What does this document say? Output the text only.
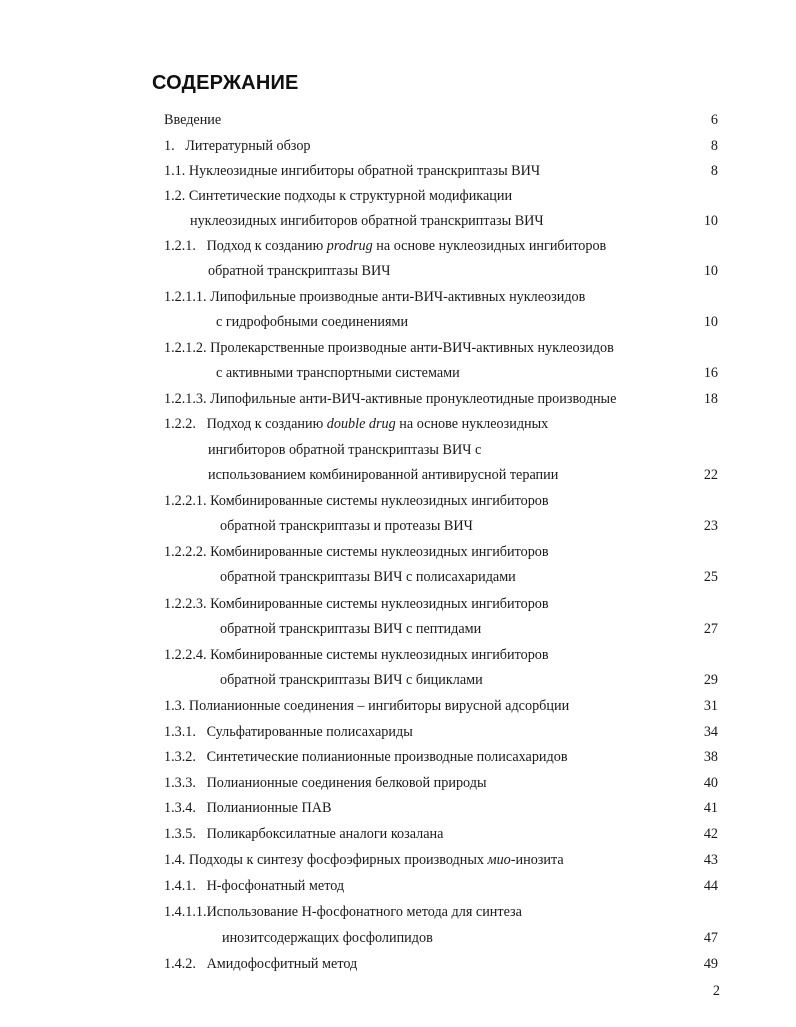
СОДЕРЖАНИЕ
Введение	6
1.   Литературный обзор	8
1.1. Нуклеозидные ингибиторы обратной транскриптазы ВИЧ	8
1.2. Синтетические подходы к структурной модификации
нуклеозидных ингибиторов обратной транскриптазы ВИЧ	10
1.2.1.   Подход к созданию prodrug на основе нуклеозидных ингибиторов
обратной транскриптазы ВИЧ	10
1.2.1.1. Липофильные производные анти-ВИЧ-активных нуклеозидов
с гидрофобными соединениями	10
1.2.1.2. Пролекарственные производные анти-ВИЧ-активных нуклеозидов
с активными транспортными системами	16
1.2.1.3. Липофильные анти-ВИЧ-активные пронуклеотидные производные	18
1.2.2.   Подход к созданию double drug на основе нуклеозидных
ингибиторов обратной транскриптазы ВИЧ с
использованием комбинированной антивирусной терапии	22
1.2.2.1. Комбинированные системы нуклеозидных ингибиторов
обратной транскриптазы и протеазы ВИЧ	23
1.2.2.2. Комбинированные системы нуклеозидных ингибиторов
обратной транскриптазы ВИЧ с полисахаридами	25
1.2.2.3. Комбинированные системы нуклеозидных ингибиторов
обратной транскриптазы ВИЧ с пептидами	27
1.2.2.4. Комбинированные системы нуклеозидных ингибиторов
обратной транскриптазы ВИЧ с бициклами	29
1.3. Полианионные соединения – ингибиторы вирусной адсорбции	31
1.3.1.   Сульфатированные полисахариды	34
1.3.2.   Синтетические полианионные производные полисахаридов	38
1.3.3.   Полианионные соединения белковой природы	40
1.3.4.   Полианионные ПАВ	41
1.3.5.   Поликарбоксилатные аналоги козалана	42
1.4. Подходы к синтезу фосфоэфирных производных мио-инозита	43
1.4.1.   Н-фосфонатный метод	44
1.4.1.1.Использование Н-фосфонатного метода для синтеза
инозитсодержащих фосфолипидов	47
1.4.2.   Амидофосфитный метод	49
2
